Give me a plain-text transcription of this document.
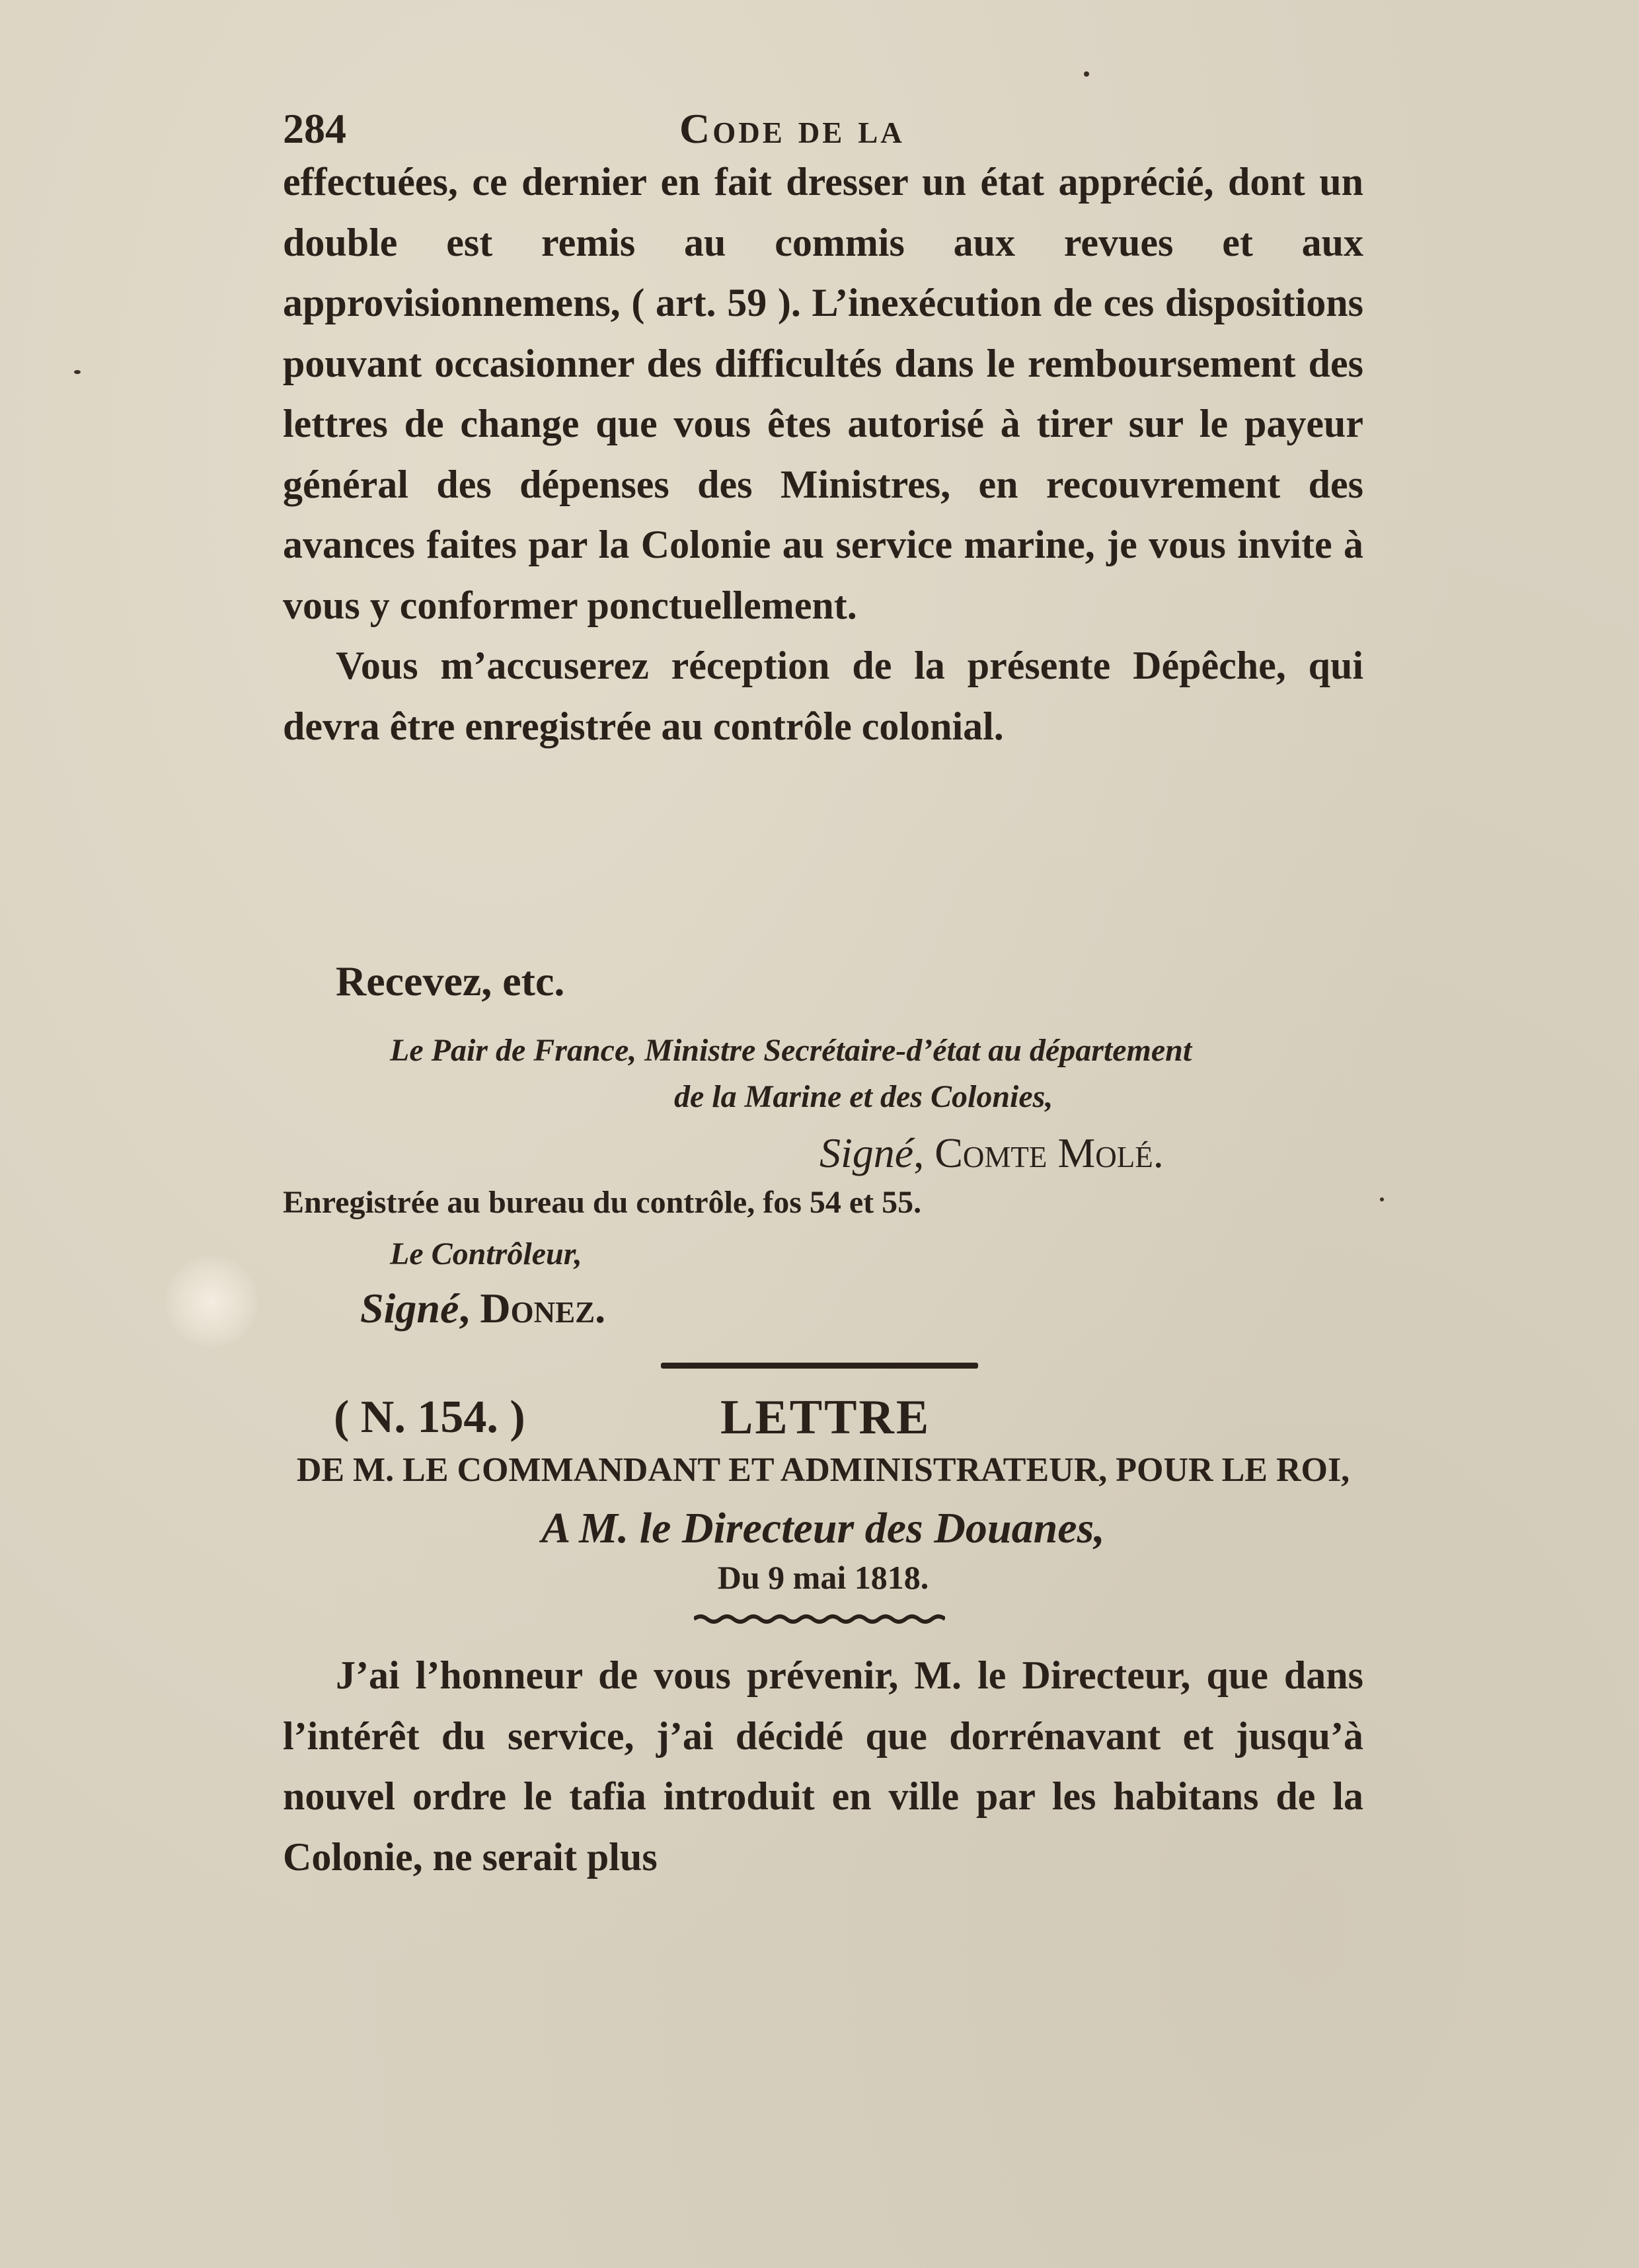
284	Code de la

effectuées, ce dernier en fait dresser un état apprécié, dont un double est remis au commis aux revues et aux approvisionnemens, ( art. 59 ). L’inexécution de ces dispositions pouvant occasionner des difficultés dans le remboursement des lettres de change que vous êtes autorisé à tirer sur le payeur général des dépenses des Ministres, en recouvrement des avances faites par la Colonie au service marine, je vous invite à vous y conformer ponctuellement.

Vous m’accuserez réception de la présente Dépêche, qui devra être enregistrée au contrôle colonial.

Recevez, etc.
Le Pair de France, Ministre Secrétaire-d’état au département
de la Marine et des Colonies,
Signé, Comte Molé.
Enregistrée au bureau du contrôle, fos 54 et 55.
Le Contrôleur,
Signé, Donez.
( N. 154. )	LETTRE
DE M. LE COMMANDANT ET ADMINISTRATEUR, POUR LE ROI,
A M. le Directeur des Douanes,
Du 9 mai 1818.

J’ai l’honneur de vous prévenir, M. le Directeur, que dans l’intérêt du service, j’ai décidé que dorrénavant et jusqu’à nouvel ordre le tafia introduit en ville par les habitans de la Colonie, ne serait plus
